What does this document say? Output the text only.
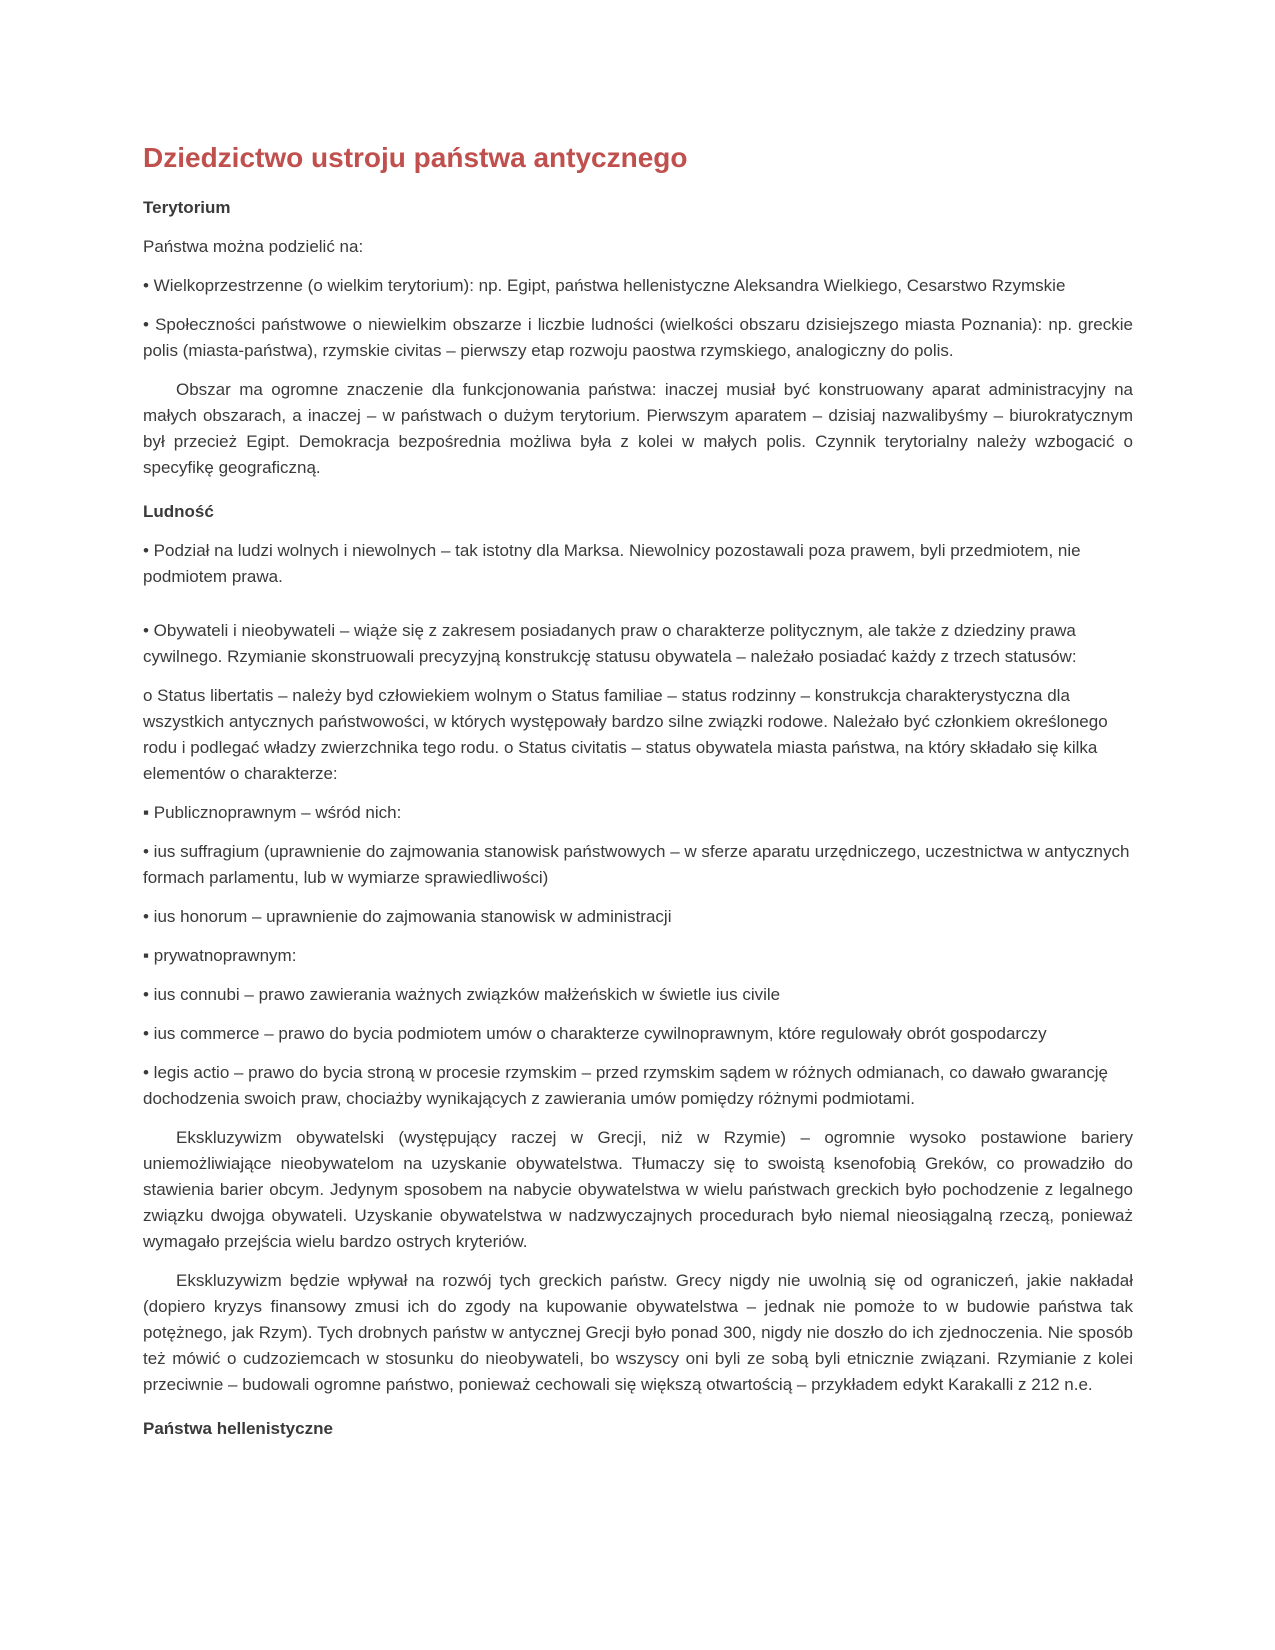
Dziedzictwo ustroju państwa antycznego
Terytorium

Państwa można podzielić na:

• Wielkoprzestrzenne (o wielkim terytorium): np. Egipt, państwa hellenistyczne Aleksandra Wielkiego, Cesarstwo Rzymskie

• Społeczności państwowe o niewielkim obszarze i liczbie ludności (wielkości obszaru dzisiejszego miasta Poznania): np. greckie polis (miasta-państwa), rzymskie civitas – pierwszy etap rozwoju paostwa rzymskiego, analogiczny do polis.

Obszar ma ogromne znaczenie dla funkcjonowania państwa: inaczej musiał być konstruowany aparat administracyjny na małych obszarach, a inaczej – w państwach o dużym terytorium. Pierwszym aparatem – dzisiaj nazwalibyśmy – biurokratycznym był przecież Egipt. Demokracja bezpośrednia możliwa była z kolei w małych polis. Czynnik terytorialny należy wzbogacić o specyfikę geograficzną.

Ludność

• Podział na ludzi wolnych i niewolnych – tak istotny dla Marksa. Niewolnicy pozostawali poza prawem, byli przedmiotem, nie podmiotem prawa.

• Obywateli i nieobywateli – wiąże się z zakresem posiadanych praw o charakterze politycznym, ale także z dziedziny prawa cywilnego. Rzymianie skonstruowali precyzyjną konstrukcję statusu obywatela – należało posiadać każdy z trzech statusów:

o Status libertatis – należy byd człowiekiem wolnym o Status familiae – status rodzinny – konstrukcja charakterystyczna dla wszystkich antycznych państwowości, w których występowały bardzo silne związki rodowe. Należało być członkiem określonego rodu i podlegać władzy zwierzchnika tego rodu. o Status civitatis – status obywatela miasta państwa, na który składało się kilka elementów o charakterze:

▪ Publicznoprawnym – wśród nich:

• ius suffragium (uprawnienie do zajmowania stanowisk państwowych – w sferze aparatu urzędniczego, uczestnictwa w antycznych formach parlamentu, lub w wymiarze sprawiedliwości)

• ius honorum – uprawnienie do zajmowania stanowisk w administracji

▪ prywatnoprawnym:

• ius connubi – prawo zawierania ważnych związków małżeńskich w świetle ius civile

• ius commerce – prawo do bycia podmiotem umów o charakterze cywilnoprawnym, które regulowały obrót gospodarczy

• legis actio – prawo do bycia stroną w procesie rzymskim – przed rzymskim sądem w różnych odmianach, co dawało gwarancję dochodzenia swoich praw, chociażby wynikających z zawierania umów pomiędzy różnymi podmiotami.

Ekskluzywizm obywatelski (występujący raczej w Grecji, niż w Rzymie) – ogromnie wysoko postawione bariery uniemożliwiające nieobywatelom na uzyskanie obywatelstwa. Tłumaczy się to swoistą ksenofobią Greków, co prowadziło do stawienia barier obcym. Jedynym sposobem na nabycie obywatelstwa w wielu państwach greckich było pochodzenie z legalnego związku dwojga obywateli. Uzyskanie obywatelstwa w nadzwyczajnych procedurach było niemal nieosiągalną rzeczą, ponieważ wymagało przejścia wielu bardzo ostrych kryteriów.

Ekskluzywizm będzie wpływał na rozwój tych greckich państw. Grecy nigdy nie uwolnią się od ograniczeń, jakie nakładał (dopiero kryzys finansowy zmusi ich do zgody na kupowanie obywatelstwa – jednak nie pomoże to w budowie państwa tak potężnego, jak Rzym). Tych drobnych państw w antycznej Grecji było ponad 300, nigdy nie doszło do ich zjednoczenia. Nie sposób też mówić o cudzoziemcach w stosunku do nieobywateli, bo wszyscy oni byli ze sobą byli etnicznie związani. Rzymianie z kolei przeciwnie – budowali ogromne państwo, ponieważ cechowali się większą otwartością – przykładem edykt Karakalli z 212 n.e.

Państwa hellenistyczne
